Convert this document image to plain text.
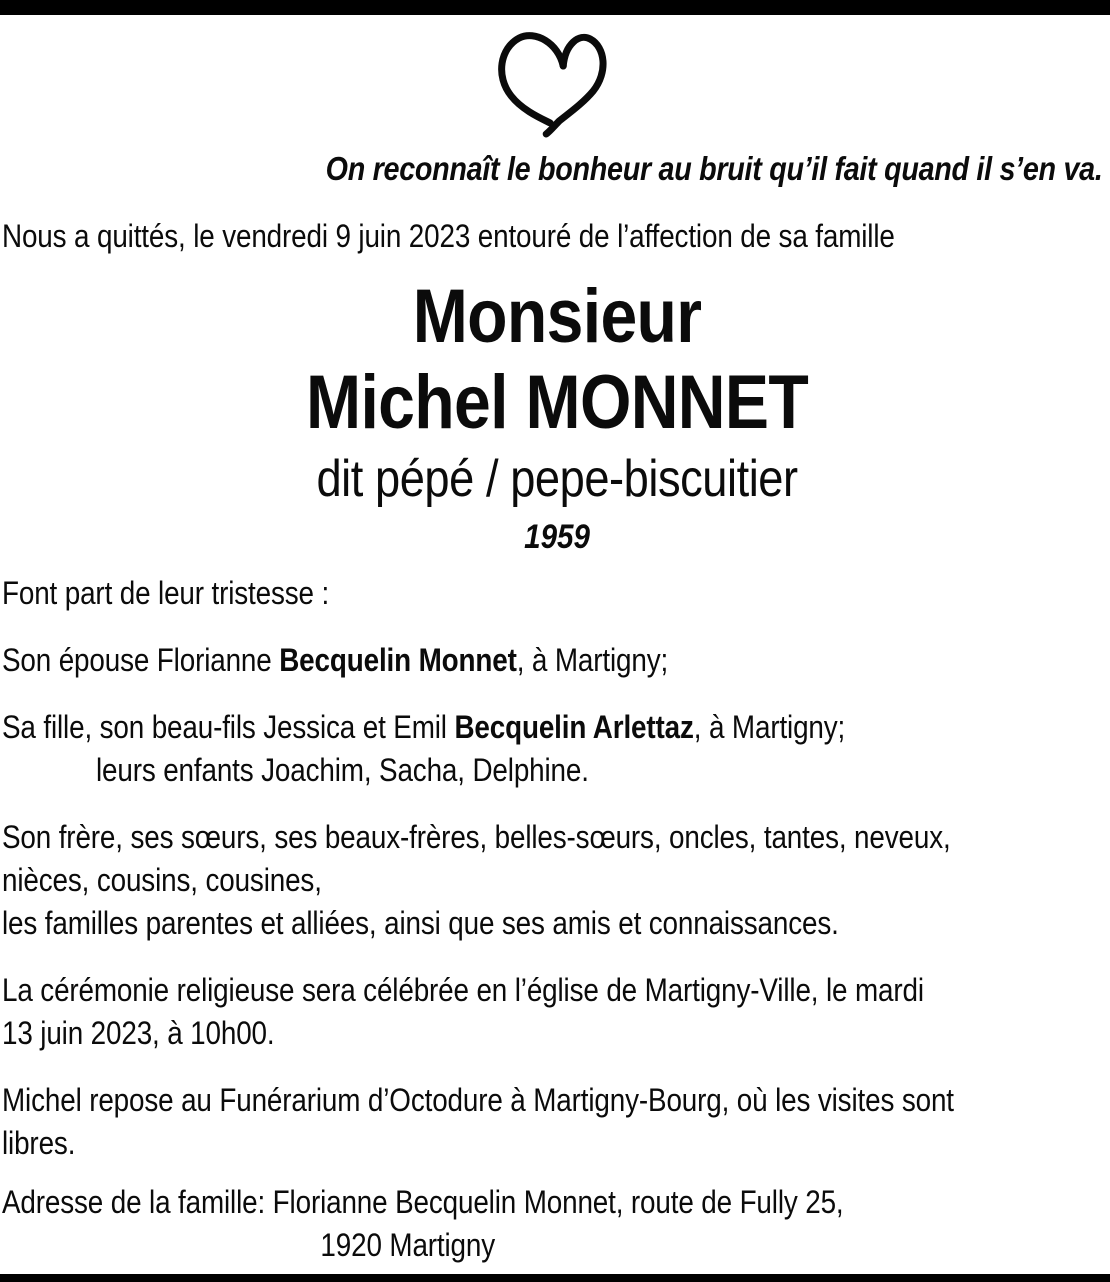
On reconnaît le bonheur au bruit qu’il fait quand il s’en va.

Nous a quittés, le vendredi 9 juin 2023 entouré de l’affection de sa famille

Monsieur
Michel MONNET
dit pépé / pepe-biscuitier
1959

Font part de leur tristesse :

Son épouse Florianne Becquelin Monnet, à Martigny;

Sa fille, son beau-fils Jessica et Emil Becquelin Arlettaz, à Martigny;
leurs enfants Joachim, Sacha, Delphine.

Son frère, ses sœurs, ses beaux-frères, belles-sœurs, oncles, tantes, neveux,
nièces, cousins, cousines,
les familles parentes et alliées, ainsi que ses amis et connaissances.

La cérémonie religieuse sera célébrée en l’église de Martigny-Ville, le mardi
13 juin 2023, à 10h00.

Michel repose au Funérarium d’Octodure à Martigny-Bourg, où les visites sont
libres.

Adresse de la famille: Florianne Becquelin Monnet, route de Fully 25,
1920 Martigny
